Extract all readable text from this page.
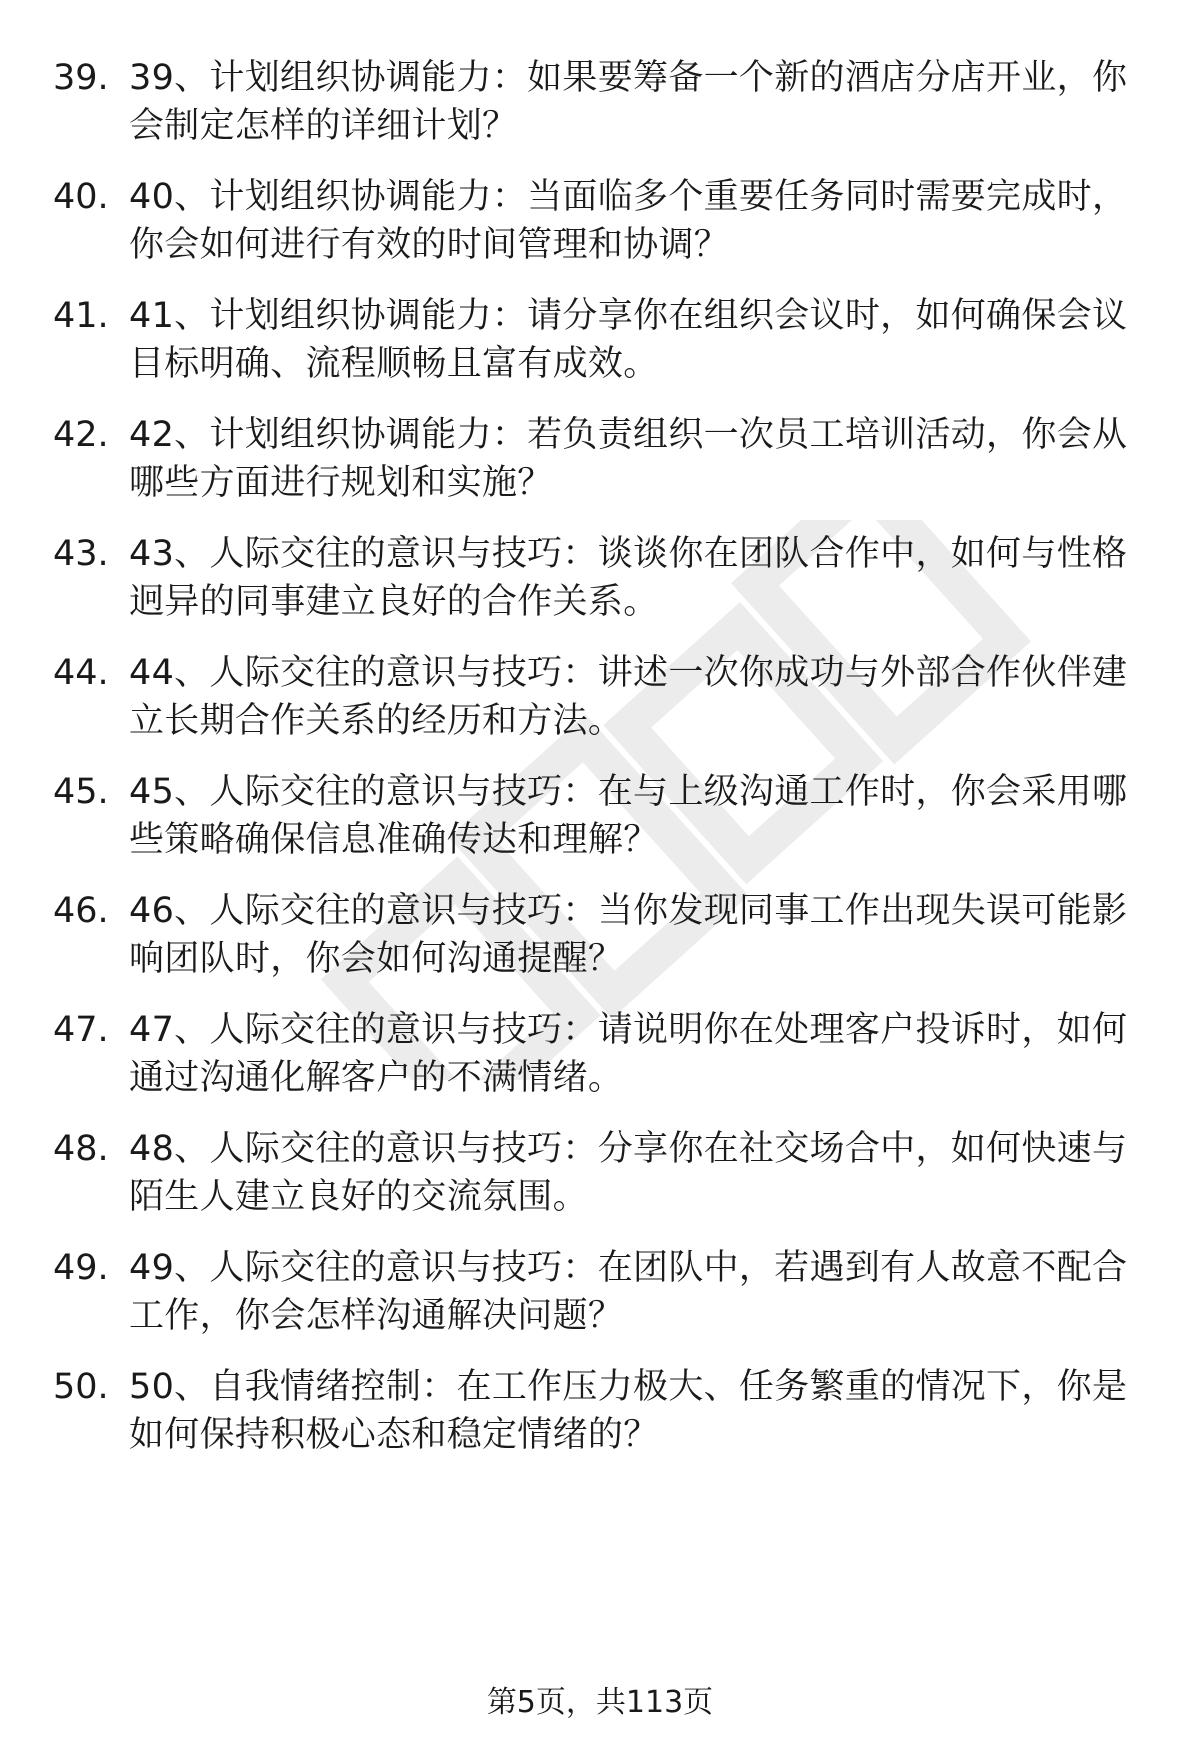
39. 39、计划组织协调能力：如果要筹备一个新的酒店分店开业，你
会制定怎样的详细计划？
40. 40、计划组织协调能力：当面临多个重要任务同时需要完成时，
你会如何进行有效的时间管理和协调？
41. 41、计划组织协调能力：请分享你在组织会议时，如何确保会议
目标明确、流程顺畅且富有成效。
42. 42、计划组织协调能力：若负责组织一次员工培训活动，你会从
哪些方面进行规划和实施？
43. 43、人际交往的意识与技巧：谈谈你在团队合作中，如何与性格
迥异的同事建立良好的合作关系。
44. 44、人际交往的意识与技巧：讲述一次你成功与外部合作伙伴建
立长期合作关系的经历和方法。
45. 45、人际交往的意识与技巧：在与上级沟通工作时，你会采用哪
些策略确保信息准确传达和理解？
46. 46、人际交往的意识与技巧：当你发现同事工作出现失误可能影
响团队时，你会如何沟通提醒？
47. 47、人际交往的意识与技巧：请说明你在处理客户投诉时，如何
通过沟通化解客户的不满情绪。
48. 48、人际交往的意识与技巧：分享你在社交场合中，如何快速与
陌生人建立良好的交流氛围。
49. 49、人际交往的意识与技巧：在团队中，若遇到有人故意不配合
工作，你会怎样沟通解决问题？
50. 50、自我情绪控制：在工作压力极大、任务繁重的情况下，你是
如何保持积极心态和稳定情绪的？
第5页，共113页
